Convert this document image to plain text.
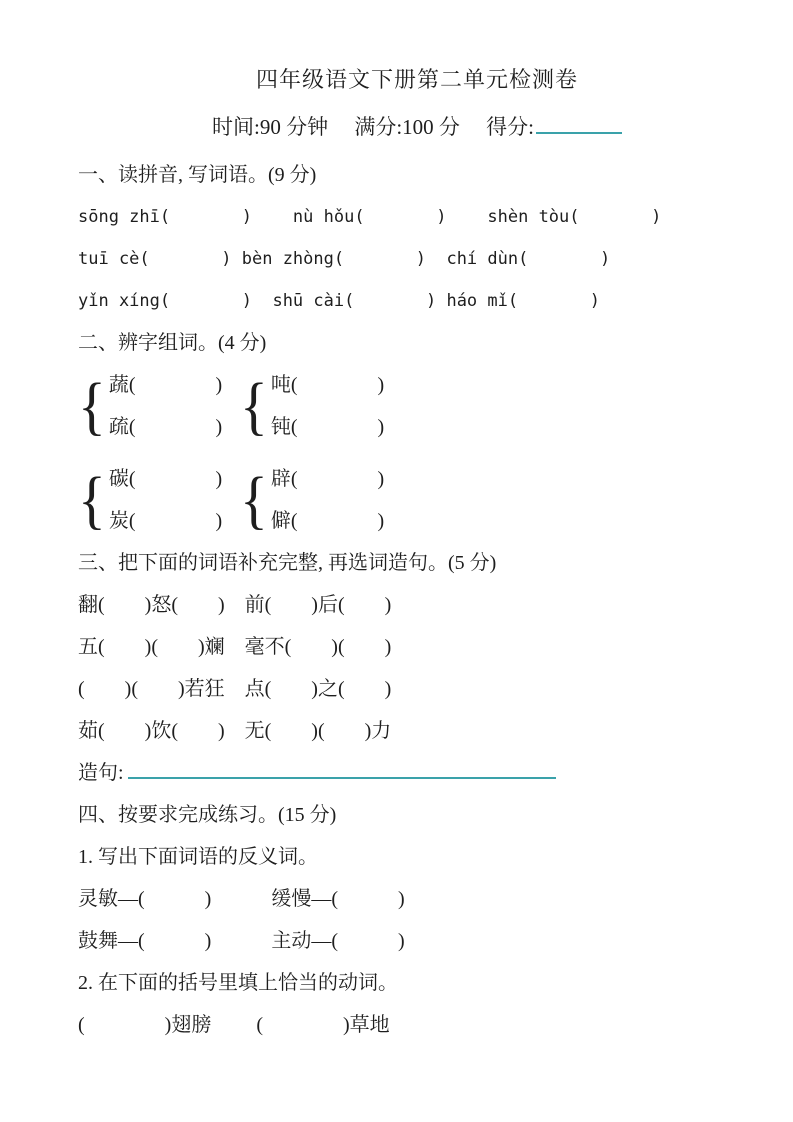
四年级语文下册第二单元检测卷
时间:90 分钟　 满分:100 分　 得分:
一、读拼音, 写词语。(9 分)
sōng zhī(       )    nù hǒu(       )    shèn tòu(       )
tuī cè(       ) bèn zhòng(       )  chí dùn(       )
yǐn xíng(       )  shū cài(       ) háo mǐ(       )
二、辨字组词。(4 分)
{ 蔬(　　　　)
疏(　　　　) { 吨(　　　　)
钝(　　　　)
{ 碳(　　　　)
炭(　　　　) { 辟(　　　　)
僻(　　　　)
三、把下面的词语补充完整, 再选词造句。(5 分)
翻(　　)怒(　　)　前(　　)后(　　)
五(　　)(　　)斓　毫不(　　)(　　)
(　　)(　　)若狂　点(　　)之(　　)
茹(　　)饮(　　)　无(　　)(　　)力
造句:
四、按要求完成练习。(15 分)
1. 写出下面词语的反义词。
灵敏—(　　　)　　　缓慢—(　　　)
鼓舞—(　　　)　　　主动—(　　　)
2. 在下面的括号里填上恰当的动词。
(　　　　)翅膀　　 (　　　　)草地
